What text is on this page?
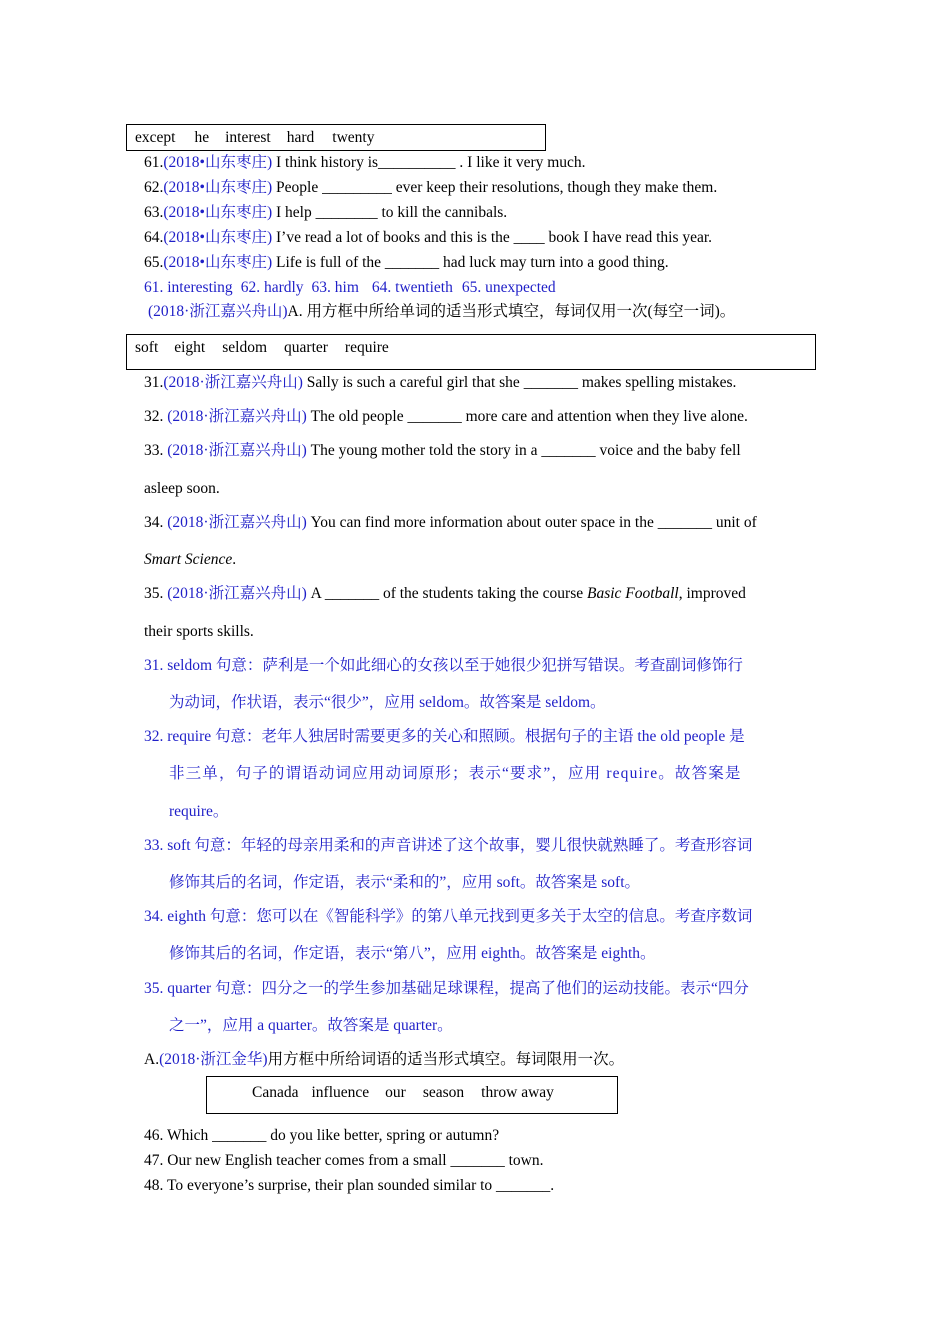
except he interest hard twenty
61.(2018•山东枣庄) I think history is__________ . I like it very much.
62.(2018•山东枣庄) People _________ ever keep their resolutions, though they make them.
63.(2018•山东枣庄) I help ________ to kill the cannibals.
64.(2018•山东枣庄) I’ve read a lot of books and this is the ____ book I have read this year.
65.(2018•山东枣庄) Life is full of the _______ had luck may turn into a good thing.
61. interesting 62. hardly 63. him 64. twentieth 65. unexpected
(2018·浙江嘉兴舟山)A. 用方框中所给单词的适当形式填空，每词仅用一次(每空一词)。
soft eight seldom quarter require
31.(2018·浙江嘉兴舟山) Sally is such a careful girl that she _______ makes spelling mistakes.
32. (2018·浙江嘉兴舟山) The old people _______ more care and attention when they live alone.
33. (2018·浙江嘉兴舟山) The young mother told the story in a _______ voice and the baby fell
asleep soon.
34. (2018·浙江嘉兴舟山) You can find more information about outer space in the _______ unit of
Smart Science.
35. (2018·浙江嘉兴舟山) A _______ of the students taking the course Basic Football, improved
their sports skills.
31. seldom 句意：萨利是一个如此细心的女孩以至于她很少犯拼写错误。考查副词修饰行
为动词，作状语，表示“很少”，应用 seldom。故答案是 seldom。
32. require 句意：老年人独居时需要更多的关心和照顾。根据句子的主语 the old people 是
非三单，句子的谓语动词应用动词原形；表示“要求”，应用 require。故答案是
require。
33. soft 句意：年轻的母亲用柔和的声音讲述了这个故事，婴儿很快就熟睡了。考查形容词
修饰其后的名词，作定语，表示“柔和的”，应用 soft。故答案是 soft。
34. eighth 句意：您可以在《智能科学》的第八单元找到更多关于太空的信息。考查序数词
修饰其后的名词，作定语，表示“第八”，应用 eighth。故答案是 eighth。
35. quarter 句意：四分之一的学生参加基础足球课程，提高了他们的运动技能。表示“四分
之一”，应用 a quarter。故答案是 quarter。
A.(2018·浙江金华)用方框中所给词语的适当形式填空。每词限用一次。
Canada influence our season throw away
46. Which _______ do you like better, spring or autumn?
47. Our new English teacher comes from a small _______ town.
48. To everyone’s surprise, their plan sounded similar to _______.
